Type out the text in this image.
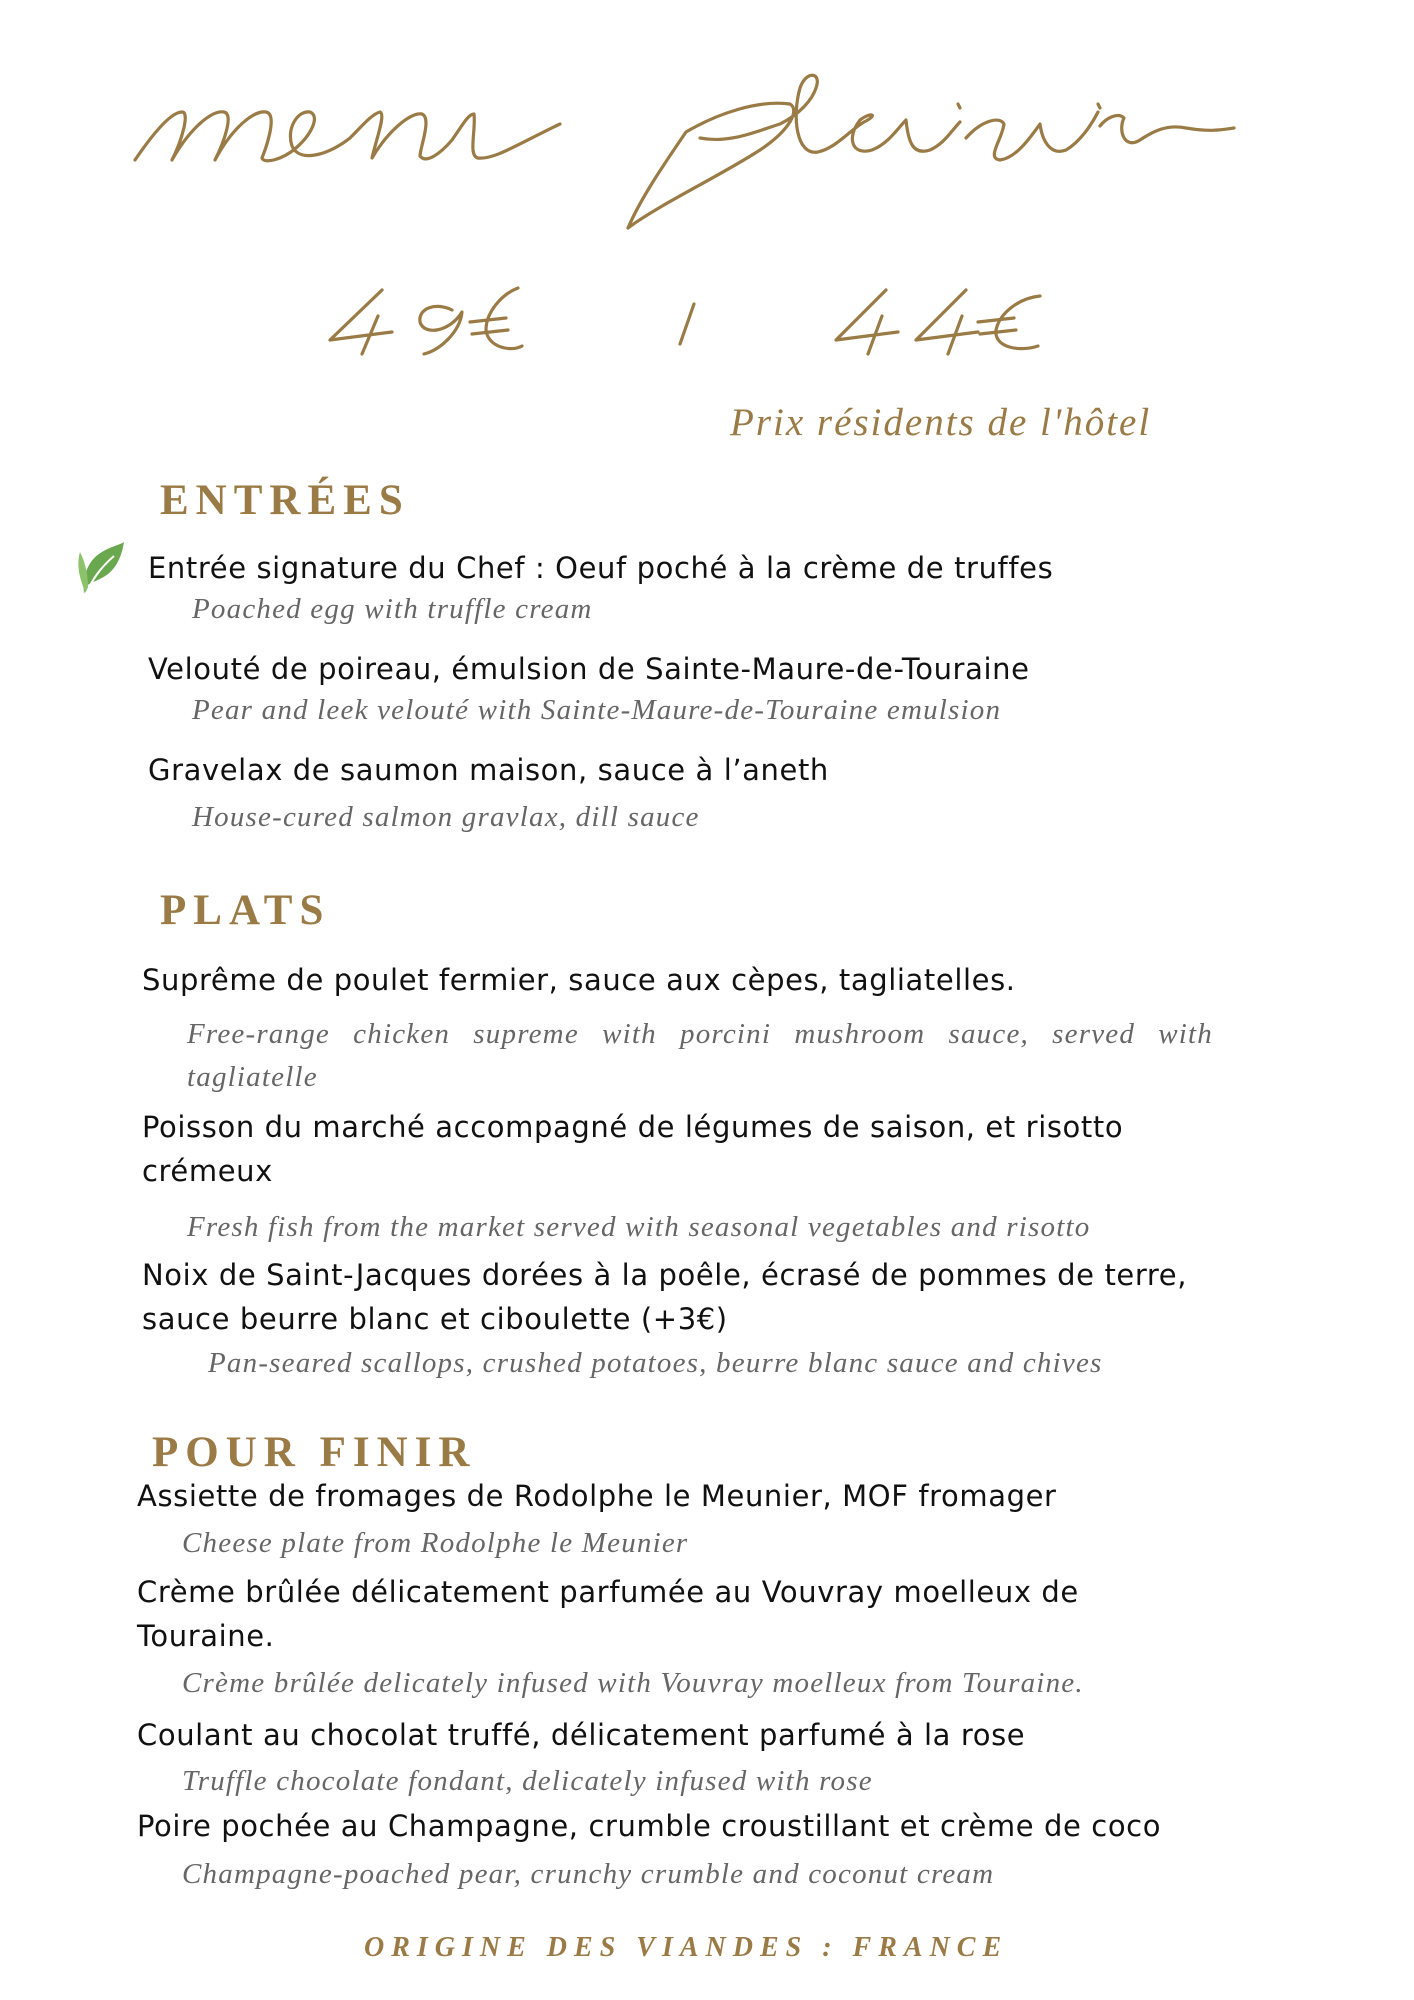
Prix résidents de l'hôtel
ENTRÉES
Entrée signature du Chef : Oeuf poché à la crème de truffes
Poached egg with truffle cream
Velouté de poireau, émulsion de Sainte-Maure-de-Touraine
Pear and leek velouté with Sainte-Maure-de-Touraine emulsion
Gravelax de saumon maison, sauce à l’aneth
House-cured salmon gravlax, dill sauce
PLATS
Suprême de poulet fermier, sauce aux cèpes, tagliatelles.
Free-range chicken supreme with porcini mushroom sauce, served with tagliatelle
Poisson du marché accompagné de légumes de saison, et risotto crémeux
Fresh fish from the market served with seasonal vegetables and risotto
Noix de Saint-Jacques dorées à la poêle, écrasé de pommes de terre, sauce beurre blanc et ciboulette (+3€)
Pan-seared scallops, crushed potatoes, beurre blanc sauce and chives
POUR FINIR
Assiette de fromages de Rodolphe le Meunier, MOF fromager
Cheese plate from Rodolphe le Meunier
Crème brûlée délicatement parfumée au Vouvray moelleux de Touraine.
Crème brûlée delicately infused with Vouvray moelleux from Touraine.
Coulant au chocolat truffé, délicatement parfumé à la rose
Truffle chocolate fondant, delicately infused with rose
Poire pochée au Champagne, crumble croustillant et crème de coco
Champagne-poached pear, crunchy crumble and coconut cream
ORIGINE DES VIANDES : FRANCE
